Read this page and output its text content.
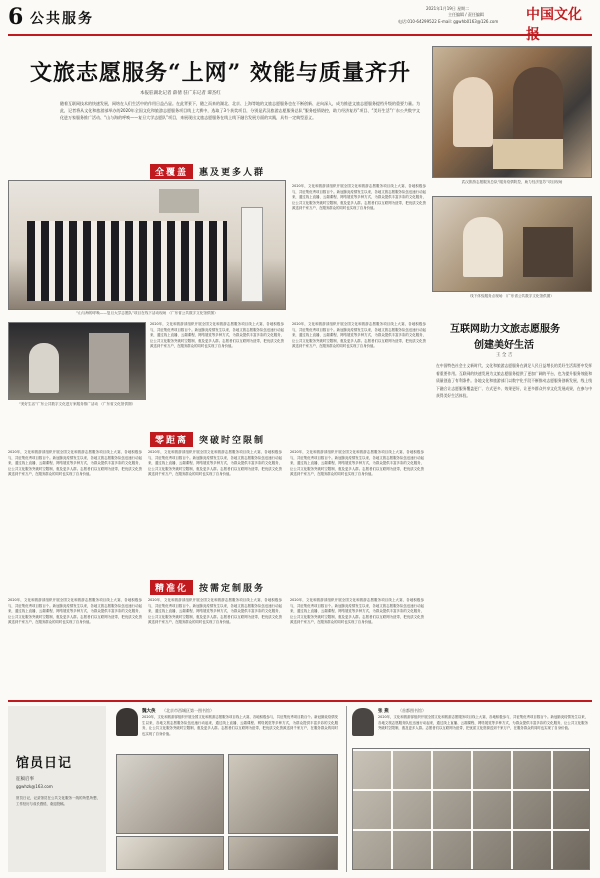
6 公共服务
2021年1月19日 星期二
主任编辑 / 责任编辑
电话:010-64299522 E-mail: ggwhb0163@126.com 中国文化报
文旅志愿服务“上网” 效能与质量齐升
本报驻湖北记者 薛倩 驻广东记者 谭杰红
随着互联网技术的快速发展，网络在人们生活中的作用日益凸显。在此背景下，随之而来的湖北、北京、上海等地的文旅志愿服务也在不断创新、走向深入，成为推进文旅志愿服务提档升级的重要力量。为此，记者将从文化和旅游部举办的2020年全国文化和旅游志愿服务项目线上大赛中，选取了3个获奖项目，分别是武汉旅游志愿服务总队“服务疫情防控，助力经济复苏”项目、“美好生活”广东公共数字文化进万家服务推广活动、“山与海的呼唤——复旦大学志愿队”项目，来展现出文旅志愿服务在线上线下融合发展方面的实践，具有一定典型意义。
武汉旅游志愿服务总队“服务疫情防控，助力经济复苏”项目现场
全覆盖	惠及更多人群
“山与海的呼唤——复旦大学志愿队”项目在线下活动现场 （广东省公共数字文化馆供图）
2020年，文化和旅游部组织开展全国文化和旅游志愿服务项目线上大赛，各地积极参与，共征集优秀项目数百个。新冠肺炎疫情发生以来，各地文旅志愿服务队伍迅速行动起来，通过线上直播、云端课程、网络展览等多种方式，为群众提供丰富多彩的文化服务，让公共文化服务突破时空限制，惠及更多人群。志愿者们以互联网为纽带，把优质文化资源送到千家万户，在服务群众的同时也实现了自身价值。
线下体验服务点现场 （广东省公共数字文化馆供图）
“美好生活”广东公共数字文化进万家服务推广活动 （广东省文化馆供图）
2020年，文化和旅游部组织开展全国文化和旅游志愿服务项目线上大赛，各地积极参与，共征集优秀项目数百个。新冠肺炎疫情发生以来，各地文旅志愿服务队伍迅速行动起来，通过线上直播、云端课程、网络展览等多种方式，为群众提供丰富多彩的文化服务，让公共文化服务突破时空限制，惠及更多人群。志愿者们以互联网为纽带，把优质文化资源送到千家万户，在服务群众的同时也实现了自身价值。
2020年，文化和旅游部组织开展全国文化和旅游志愿服务项目线上大赛，各地积极参与，共征集优秀项目数百个。新冠肺炎疫情发生以来，各地文旅志愿服务队伍迅速行动起来，通过线上直播、云端课程、网络展览等多种方式，为群众提供丰富多彩的文化服务，让公共文化服务突破时空限制，惠及更多人群。志愿者们以互联网为纽带，把优质文化资源送到千家万户，在服务群众的同时也实现了自身价值。
互联网助力文旅志愿服务
创建美好生活
王 全 吉
在中国特色社会主义新时代，文化和旅游志愿服务在满足人民日益增长的美好生活需要中发挥着重要作用。互联网的快速发展为文旅志愿服务提供了更加广阔的平台，也为提升服务效能和质量创造了有利条件。各地文化和旅游部门以数字化手段不断推动志愿服务创新发展，线上线下融合让志愿服务覆盖更广、方式更多、效果更好，让更多群众共享文化发展成果，在参与中获得美好生活体验。
零距离	突破时空限制
2020年，文化和旅游部组织开展全国文化和旅游志愿服务项目线上大赛，各地积极参与，共征集优秀项目数百个。新冠肺炎疫情发生以来，各地文旅志愿服务队伍迅速行动起来，通过线上直播、云端课程、网络展览等多种方式，为群众提供丰富多彩的文化服务，让公共文化服务突破时空限制，惠及更多人群。志愿者们以互联网为纽带，把优质文化资源送到千家万户，在服务群众的同时也实现了自身价值。
2020年，文化和旅游部组织开展全国文化和旅游志愿服务项目线上大赛，各地积极参与，共征集优秀项目数百个。新冠肺炎疫情发生以来，各地文旅志愿服务队伍迅速行动起来，通过线上直播、云端课程、网络展览等多种方式，为群众提供丰富多彩的文化服务，让公共文化服务突破时空限制，惠及更多人群。志愿者们以互联网为纽带，把优质文化资源送到千家万户，在服务群众的同时也实现了自身价值。
2020年，文化和旅游部组织开展全国文化和旅游志愿服务项目线上大赛，各地积极参与，共征集优秀项目数百个。新冠肺炎疫情发生以来，各地文旅志愿服务队伍迅速行动起来，通过线上直播、云端课程、网络展览等多种方式，为群众提供丰富多彩的文化服务，让公共文化服务突破时空限制，惠及更多人群。志愿者们以互联网为纽带，把优质文化资源送到千家万户，在服务群众的同时也实现了自身价值。
精准化	按需定制服务
2020年，文化和旅游部组织开展全国文化和旅游志愿服务项目线上大赛，各地积极参与，共征集优秀项目数百个。新冠肺炎疫情发生以来，各地文旅志愿服务队伍迅速行动起来，通过线上直播、云端课程、网络展览等多种方式，为群众提供丰富多彩的文化服务，让公共文化服务突破时空限制，惠及更多人群。志愿者们以互联网为纽带，把优质文化资源送到千家万户，在服务群众的同时也实现了自身价值。
2020年，文化和旅游部组织开展全国文化和旅游志愿服务项目线上大赛，各地积极参与，共征集优秀项目数百个。新冠肺炎疫情发生以来，各地文旅志愿服务队伍迅速行动起来，通过线上直播、云端课程、网络展览等多种方式，为群众提供丰富多彩的文化服务，让公共文化服务突破时空限制，惠及更多人群。志愿者们以互联网为纽带，把优质文化资源送到千家万户，在服务群众的同时也实现了自身价值。
2020年，文化和旅游部组织开展全国文化和旅游志愿服务项目线上大赛，各地积极参与，共征集优秀项目数百个。新冠肺炎疫情发生以来，各地文旅志愿服务队伍迅速行动起来，通过线上直播、云端课程、网络展览等多种方式，为群众提供丰富多彩的文化服务，让公共文化服务突破时空限制，惠及更多人群。志愿者们以互联网为纽带，把优质文化资源送到千家万户，在服务群众的同时也实现了自身价值。
馆员日记
征稿启事
ggwhzk@163.com
馆员日记，记录馆员在公共文化服务一线的所思所想、工作经历与成长感悟，欢迎投稿。
魏大侠 （北京市西城区第一图书馆）
2020年，文化和旅游部组织开展全国文化和旅游志愿服务项目线上大赛，各地积极参与，共征集优秀项目数百个。新冠肺炎疫情发生以来，各地文旅志愿服务队伍迅速行动起来，通过线上直播、云端课程、网络展览等多种方式，为群众提供丰富多彩的文化服务，让公共文化服务突破时空限制，惠及更多人群。志愿者们以互联网为纽带，把优质文化资源送到千家万户，在服务群众的同时也实现了自身价值。
张 燕 （首都图书馆）
2020年，文化和旅游部组织开展全国文化和旅游志愿服务项目线上大赛，各地积极参与，共征集优秀项目数百个。新冠肺炎疫情发生以来，各地文旅志愿服务队伍迅速行动起来，通过线上直播、云端课程、网络展览等多种方式，为群众提供丰富多彩的文化服务，让公共文化服务突破时空限制，惠及更多人群。志愿者们以互联网为纽带，把优质文化资源送到千家万户，在服务群众的同时也实现了自身价值。
